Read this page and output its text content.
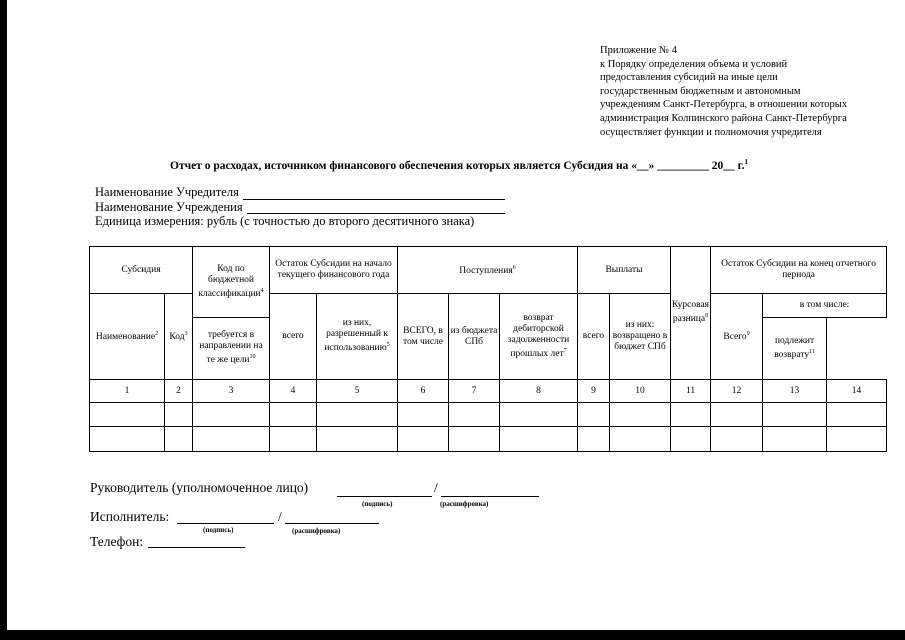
Приложение № 4
к Порядку определения объема и условий
предоставления субсидий на иные цели
государственным бюджетным и автономным
учреждениям Санкт-Петербурга, в отношении которых
администрация Колпинского района Санкт-Петербурга
осуществляет функции и полномочия учредителя
Отчет о расходах, источником финансового обеспечения которых является Субсидия на «__» _________ 20__ г.$^1$
Наименование Учредителя
Наименование Учреждения
Единица измерения: рубль (с точностью до второго десятичного знака)
Субсидия		Код по бюджетной классификации$^4$	Остаток Субсидии на начало текущего финансового года		Поступления$^6$			Выплаты		Курсовая разница$^8$	Остаток Субсидии на конец отчетного периода		
Наименование$^2$	Код$^3$		всего	из них, разрешенный к использованию$^5$	ВСЕГО, в том числе	из бюджета СПб	возврат дебиторской задолженности прошлых лет$^7$	всего	из них: возвращено в бюджет СПб		Всего$^9$	в том числе:	
		требуется в направлении на те же цели$^{10}$										подлежит возврату$^{11}$
1	2	3	4	5	6	7	8	9	10	11	12	13	14

Руководитель (уполномоченное лицо)	/
(подпись)	(расшифровка)
Исполнитель:	/
(подпись)	(расшифровка)
Телефон:
